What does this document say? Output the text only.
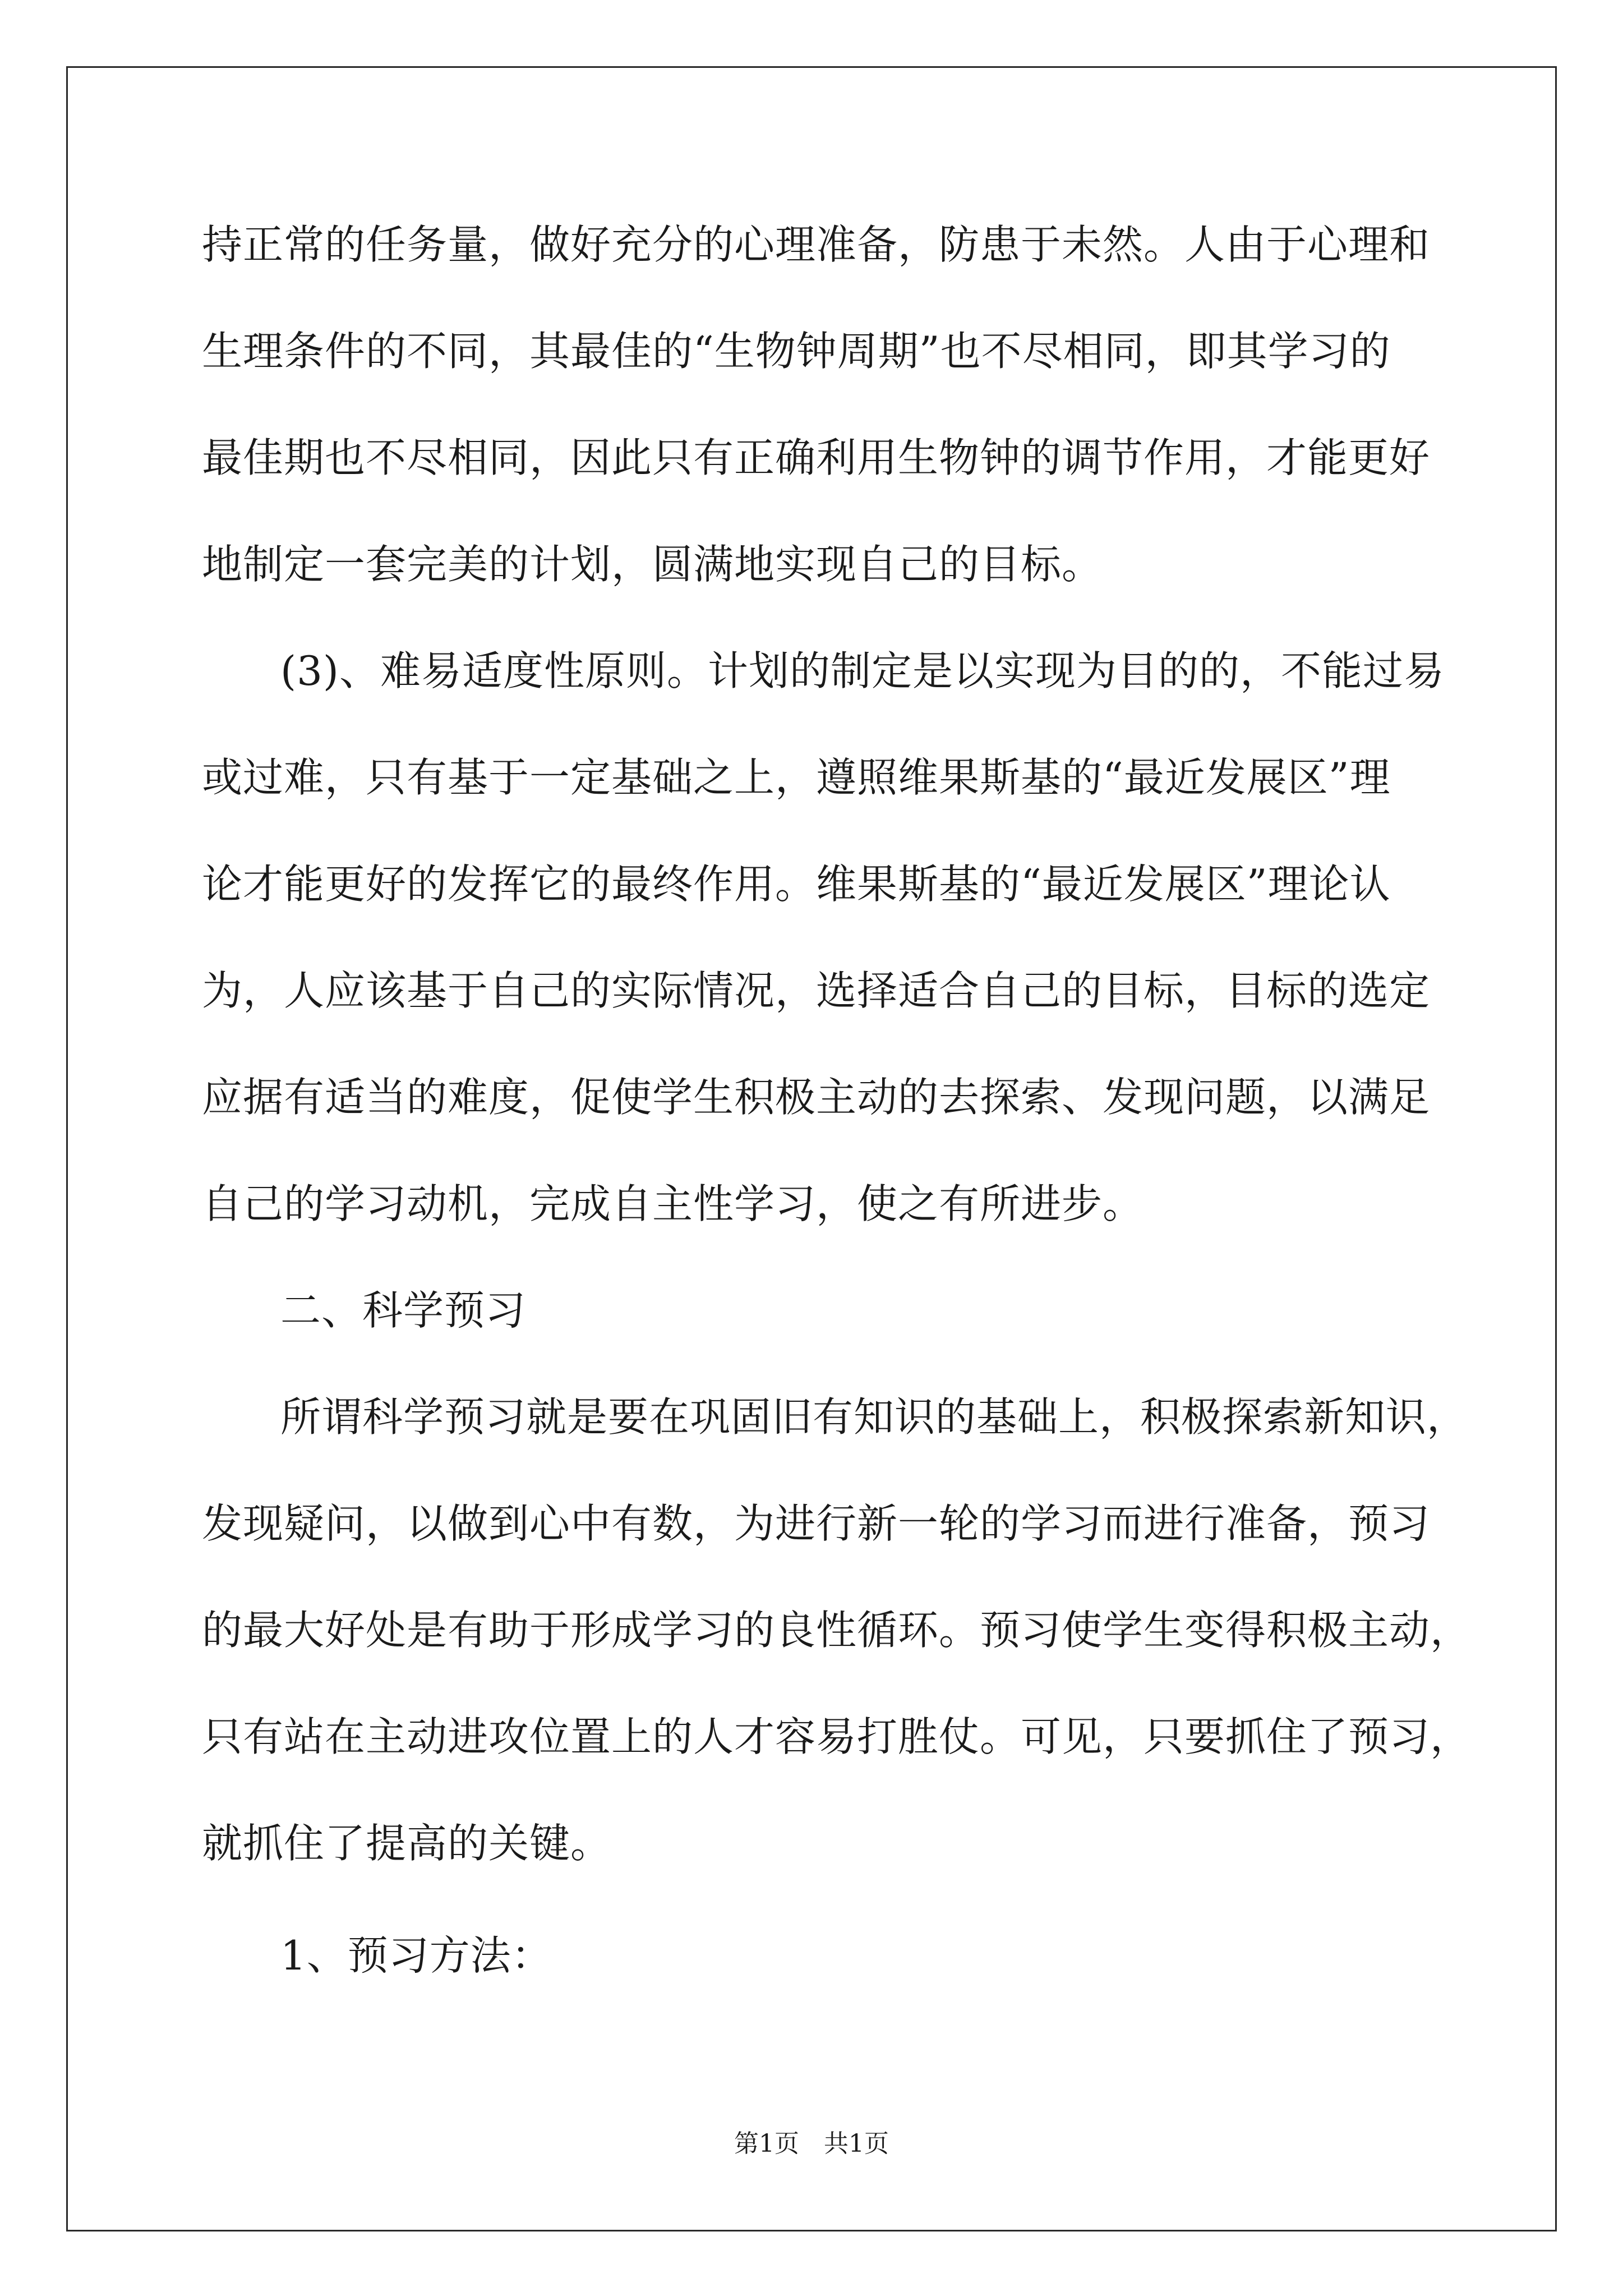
持正常的任务量，做好充分的心理准备，防患于未然。人由于心理和
生理条件的不同，其最佳的“生物钟周期”也不尽相同，即其学习的
最佳期也不尽相同，因此只有正确利用生物钟的调节作用，才能更好
地制定一套完美的计划，圆满地实现自己的目标。
(3)、难易适度性原则。计划的制定是以实现为目的的，不能过易
或过难，只有基于一定基础之上，遵照维果斯基的“最近发展区”理
论才能更好的发挥它的最终作用。维果斯基的“最近发展区”理论认
为，人应该基于自己的实际情况，选择适合自己的目标，目标的选定
应据有适当的难度，促使学生积极主动的去探索、发现问题，以满足
自己的学习动机，完成自主性学习，使之有所进步。
二、科学预习
所谓科学预习就是要在巩固旧有知识的基础上，积极探索新知识，
发现疑问，以做到心中有数，为进行新一轮的学习而进行准备，预习
的最大好处是有助于形成学习的良性循环。预习使学生变得积极主动，
只有站在主动进攻位置上的人才容易打胜仗。可见，只要抓住了预习，
就抓住了提高的关键。
1、预习方法：
第1页　共1页
